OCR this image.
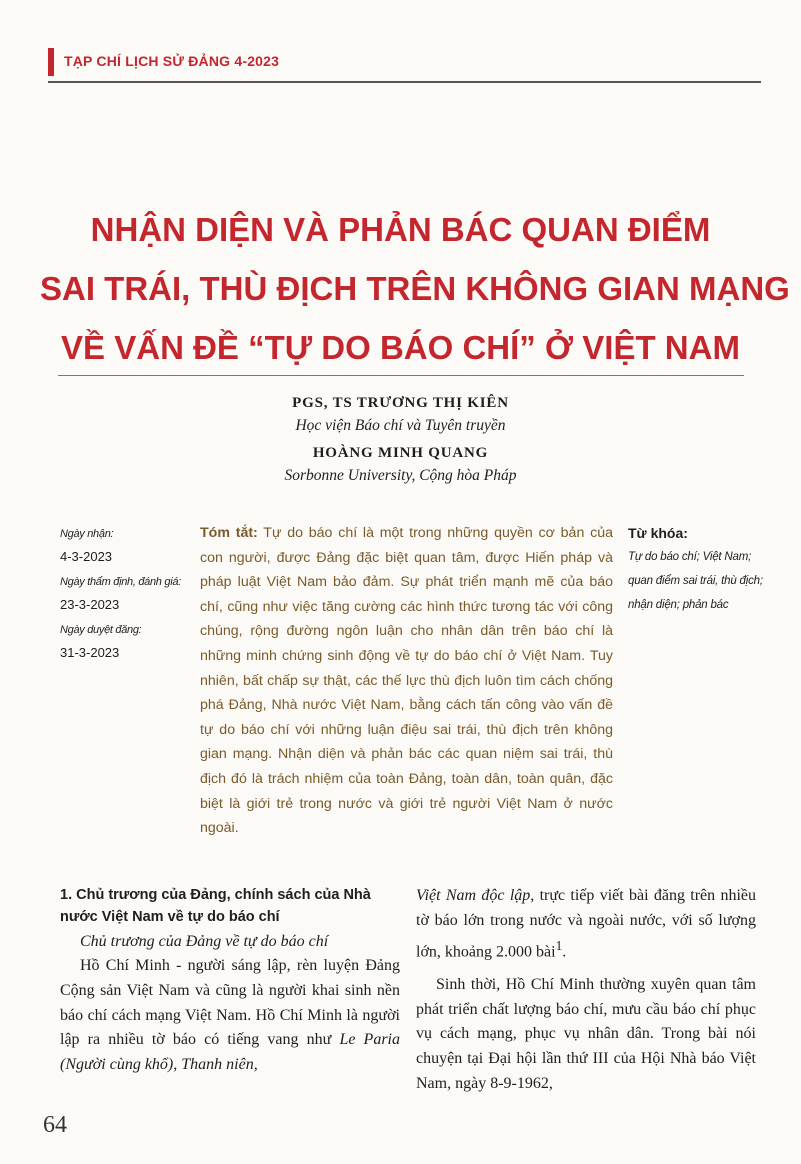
TẠP CHÍ LỊCH SỬ ĐẢNG 4-2023
NHẬN DIỆN VÀ PHẢN BÁC QUAN ĐIỂM
SAI TRÁI, THÙ ĐỊCH TRÊN KHÔNG GIAN MẠNG
VỀ VẤN ĐỀ “TỰ DO BÁO CHÍ” Ở VIỆT NAM
PGS, TS TRƯƠNG THỊ KIÊN
Học viện Báo chí và Tuyên truyền
HOÀNG MINH QUANG
Sorbonne University, Cộng hòa Pháp
Ngày nhận:
4-3-2023
Ngày thẩm định, đánh giá:
23-3-2023
Ngày duyệt đăng:
31-3-2023

Tóm tắt: Tự do báo chí là một trong những quyền cơ bản của con người, được Đảng đặc biệt quan tâm, được Hiến pháp và pháp luật Việt Nam bảo đảm. Sự phát triển mạnh mẽ của báo chí, cũng như việc tăng cường các hình thức tương tác với công chúng, rộng đường ngôn luận cho nhân dân trên báo chí là những minh chứng sinh động về tự do báo chí ở Việt Nam. Tuy nhiên, bất chấp sự thật, các thế lực thù địch luôn tìm cách chống phá Đảng, Nhà nước Việt Nam, bằng cách tấn công vào vấn đề tự do báo chí với những luận điệu sai trái, thù địch trên không gian mạng. Nhận diện và phản bác các quan niệm sai trái, thù địch đó là trách nhiệm của toàn Đảng, toàn dân, toàn quân, đặc biệt là giới trẻ trong nước và giới trẻ người Việt Nam ở nước ngoài.

Từ khóa:
Tự do báo chí; Việt Nam; quan điểm sai trái, thù địch; nhận diện; phản bác
1. Chủ trương của Đảng, chính sách của Nhà nước Việt Nam về tự do báo chí

Chủ trương của Đảng về tự do báo chí

Hồ Chí Minh - người sáng lập, rèn luyện Đảng Cộng sản Việt Nam và cũng là người khai sinh nền báo chí cách mạng Việt Nam. Hồ Chí Minh là người lập ra nhiều tờ báo có tiếng vang như Le Paria (Người cùng khổ), Thanh niên,

Việt Nam độc lập, trực tiếp viết bài đăng trên nhiều tờ báo lớn trong nước và ngoài nước, với số lượng lớn, khoảng 2.000 bài$^1$.

Sinh thời, Hồ Chí Minh thường xuyên quan tâm phát triển chất lượng báo chí, mưu cầu báo chí phục vụ cách mạng, phục vụ nhân dân. Trong bài nói chuyện tại Đại hội lần thứ III của Hội Nhà báo Việt Nam, ngày 8-9-1962,

64
